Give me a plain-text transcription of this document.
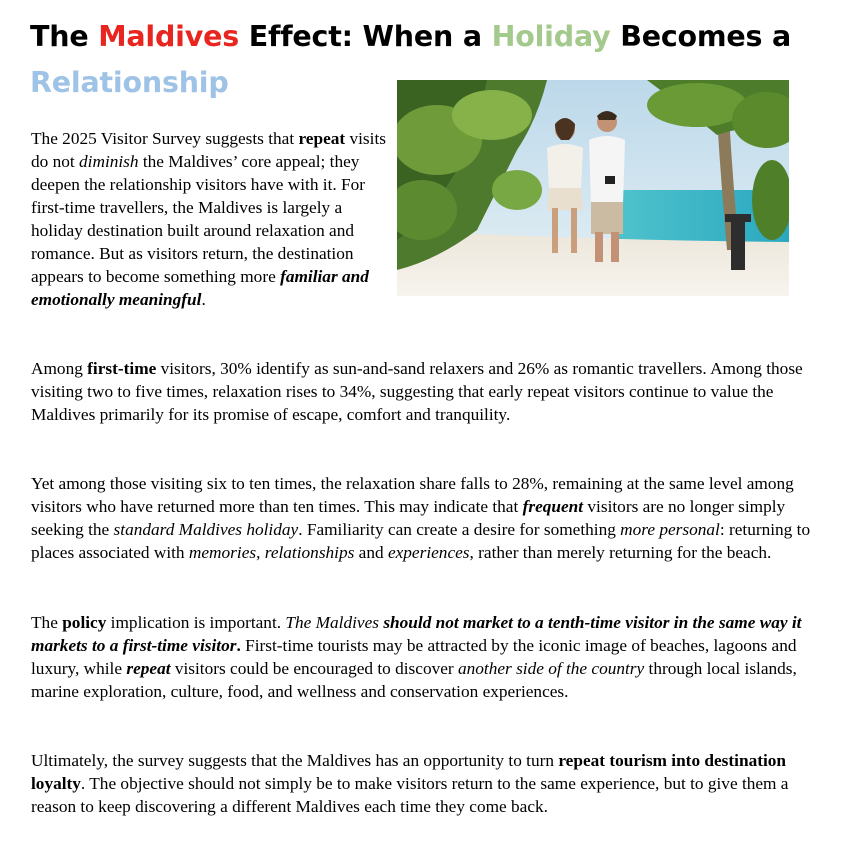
The Maldives Effect: When a Holiday Becomes a
Relationship

The 2025 Visitor Survey suggests that repeat visits do not diminish the Maldives’ core appeal; they deepen the relationship visitors have with it. For first-time travellers, the Maldives is largely a holiday destination built around relaxation and romance. But as visitors return, the destination appears to become something more familiar and emotionally meaningful.

Among first-time visitors, 30% identify as sun-and-sand relaxers and 26% as romantic travellers. Among those visiting two to five times, relaxation rises to 34%, suggesting that early repeat visitors continue to value the Maldives primarily for its promise of escape, comfort and tranquility.

Yet among those visiting six to ten times, the relaxation share falls to 28%, remaining at the same level among visitors who have returned more than ten times. This may indicate that frequent visitors are no longer simply seeking the standard Maldives holiday. Familiarity can create a desire for something more personal: returning to places associated with memories, relationships and experiences, rather than merely returning for the beach.

The policy implication is important. The Maldives should not market to a tenth-time visitor in the same way it markets to a first-time visitor. First-time tourists may be attracted by the iconic image of beaches, lagoons and luxury, while repeat visitors could be encouraged to discover another side of the country through local islands, marine exploration, culture, food, and wellness and conservation experiences.

Ultimately, the survey suggests that the Maldives has an opportunity to turn repeat tourism into destination loyalty. The objective should not simply be to make visitors return to the same experience, but to give them a reason to keep discovering a different Maldives each time they come back.
